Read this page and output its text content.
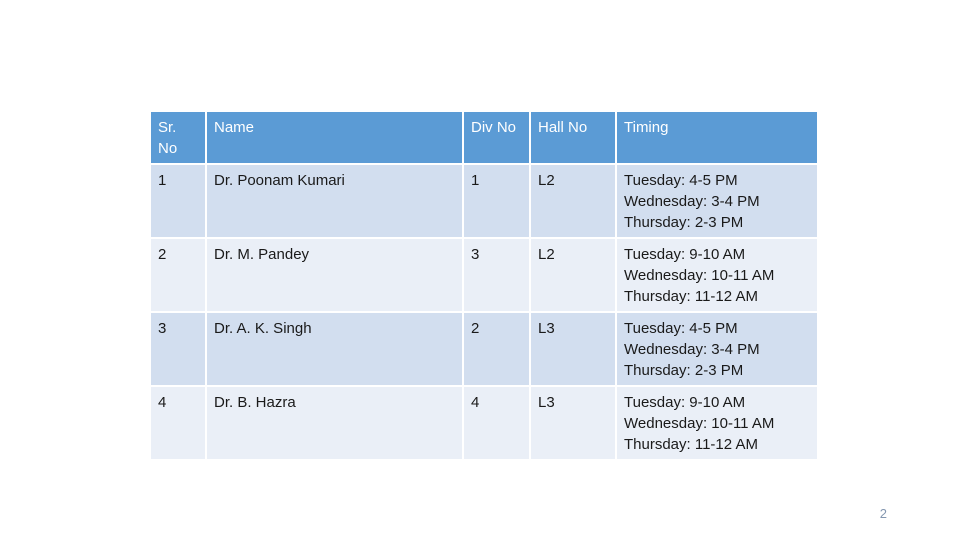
Sr. No	Name	Div No	Hall No	Timing
1	Dr. Poonam Kumari	1	L2	Tuesday: 4-5 PM
Wednesday: 3-4 PM
Thursday: 2-3 PM

2	Dr. M. Pandey	3	L2	Tuesday: 9-10 AM
Wednesday: 10-11 AM
Thursday: 11-12 AM

3	Dr. A. K. Singh	2	L3	Tuesday: 4-5 PM
Wednesday: 3-4 PM
Thursday: 2-3 PM

4	Dr. B. Hazra	4	L3	Tuesday: 9-10 AM
Wednesday: 10-11 AM
Thursday: 11-12 AM
2
